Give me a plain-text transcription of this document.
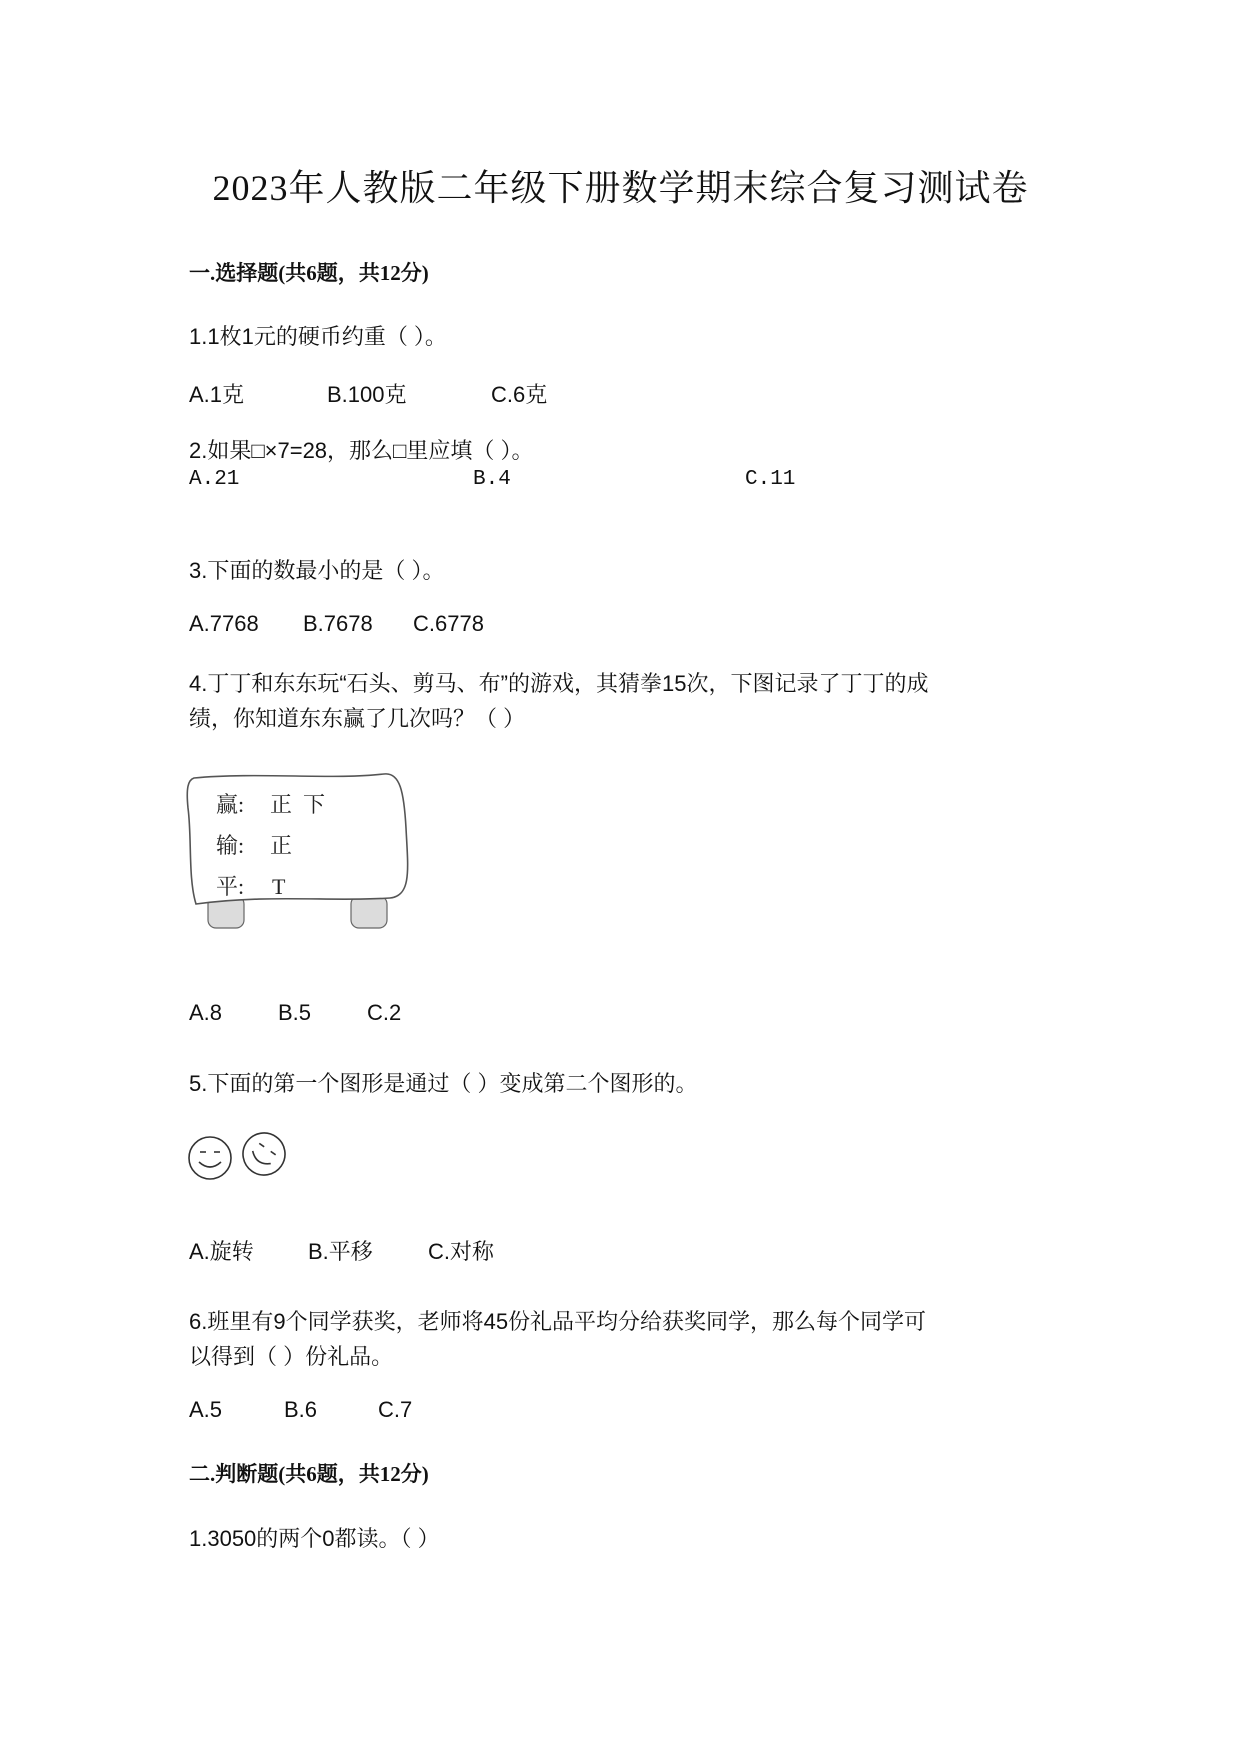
2023年人教版二年级下册数学期末综合复习测试卷
一.选择题(共6题，共12分)
1.1枚1元的硬币约重（ ）。
A.1克	B.100克	C.6克
2.如果□×7=28，那么□里应填（ ）。
A.21	B.4	C.11
3.下面的数最小的是（ ）。
A.7768	B.7678	C.6778
4.丁丁和东东玩“石头、剪马、布”的游戏，其猜拳15次，下图记录了丁丁的成
绩，你知道东东赢了几次吗？（ ）
赢: 正  下
输: 正
平: T
A.8	B.5	C.2
5.下面的第一个图形是通过（ ）变成第二个图形的。
A.旋转	B.平移	C.对称
6.班里有9个同学获奖，老师将45份礼品平均分给获奖同学，那么每个同学可
以得到（ ）份礼品。
A.5	B.6	C.7
二.判断题(共6题，共12分)
1.3050的两个0都读。（ ）
